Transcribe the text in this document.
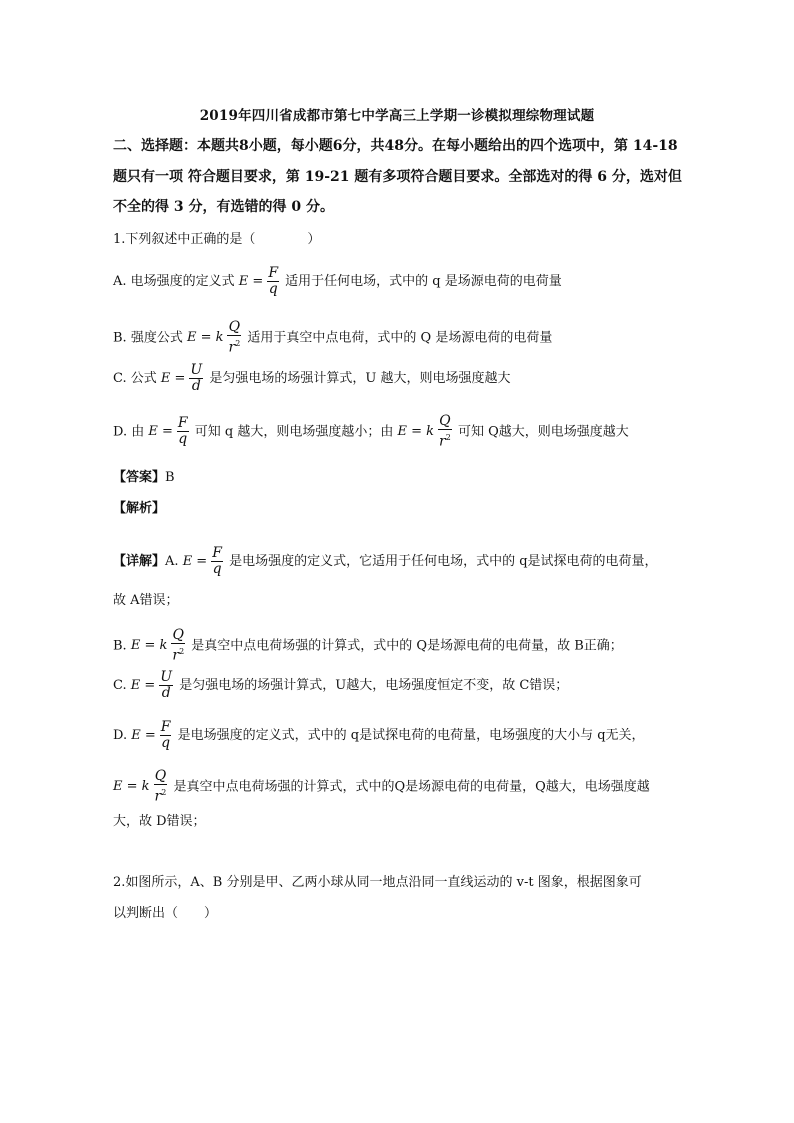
2019年四川省成都市第七中学高三上学期一诊模拟理综物理试题
二、选择题：本题共8小题，每小题6分，共48分。在每小题给出的四个选项中，第 14-18
题只有一项 符合题目要求，第 19-21 题有多项符合题目要求。全部选对的得 6 分，选对但
不全的得 3 分，有选错的得 0 分。
1.下列叙述中正确的是（　　　　）
A. 电场强度的定义式 $E = \frac{F}{q}$ 适用于任何电场，式中的 q 是场源电荷的电荷量
B. 强度公式 E = k $\frac{Q}{r^2}$ 适用于真空中点电荷，式中的 Q 是场源电荷的电荷量
C. 公式 $E = \frac{U}{d}$ 是匀强电场的场强计算式，U 越大，则电场强度越大
D. 由 $E = \frac{F}{q}$ 可知 q 越大，则电场强度越小；由 E = k $\frac{Q}{r^2}$ 可知 Q越大，则电场强度越大
【答案】B
【解析】
【详解】A. $E = \frac{F}{q}$ 是电场强度的定义式，它适用于任何电场，式中的 q是试探电荷的电荷量，
故 A错误；
B. E = k $\frac{Q}{r^2}$ 是真空中点电荷场强的计算式，式中的 Q是场源电荷的电荷量，故 B正确；
C. $E = \frac{U}{d}$ 是匀强电场的场强计算式，U越大，电场强度恒定不变，故 C错误；
D. $E = \frac{F}{q}$ 是电场强度的定义式，式中的 q是试探电荷的电荷量，电场强度的大小与 q无关，
E = k $\frac{Q}{r^2}$ 是真空中点电荷场强的计算式，式中的Q是场源电荷的电荷量，Q越大，电场强度越
大，故 D错误；
2.如图所示，A、B 分别是甲、乙两小球从同一地点沿同一直线运动的 v-t 图象，根据图象可
以判断出（　　）
